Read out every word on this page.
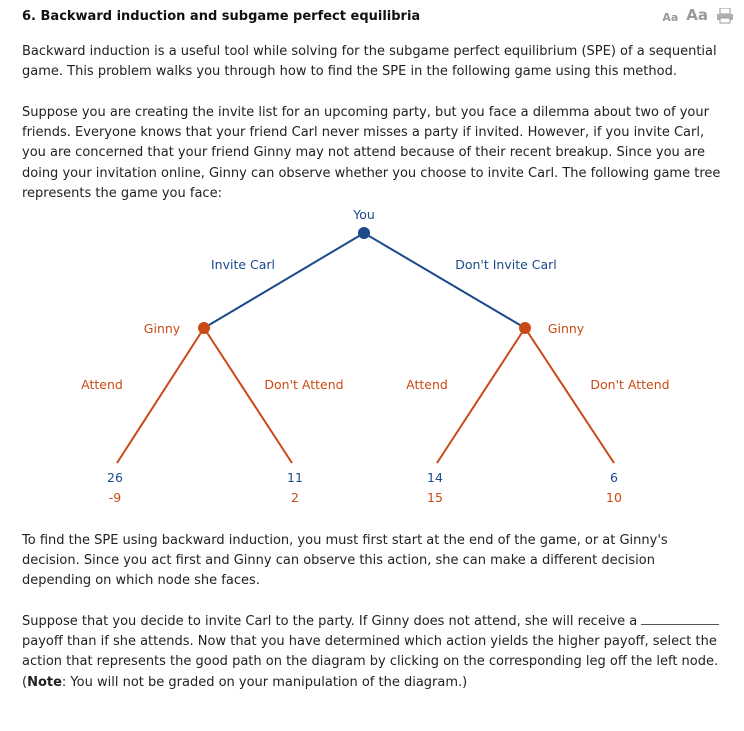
6. Backward induction and subgame perfect equilibria	Aa Aa
Backward induction is a useful tool while solving for the subgame perfect equilibrium (SPE) of a sequential game. This problem walks you through how to find the SPE in the following game using this method.
Suppose you are creating the invite list for an upcoming party, but you face a dilemma about two of your friends. Everyone knows that your friend Carl never misses a party if invited. However, if you invite Carl, you are concerned that your friend Ginny may not attend because of their recent breakup. Since you are doing your invitation online, Ginny can observe whether you choose to invite Carl. The following game tree represents the game you face:
You
Invite Carl	Don't Invite Carl
Ginny	Ginny
Attend	Don't Attend	Attend	Don't Attend
26
-9
11
2
14
15
6
10
To find the SPE using backward induction, you must first start at the end of the game, or at Ginny's decision. Since you act first and Ginny can observe this action, she can make a different decision depending on which node she faces.
Suppose that you decide to invite Carl to the party. If Ginny does not attend, she will receive a payoff than if she attends. Now that you have determined which action yields the higher payoff, select the action that represents the good path on the diagram by clicking on the corresponding leg off the left node. (Note: You will not be graded on your manipulation of the diagram.)
